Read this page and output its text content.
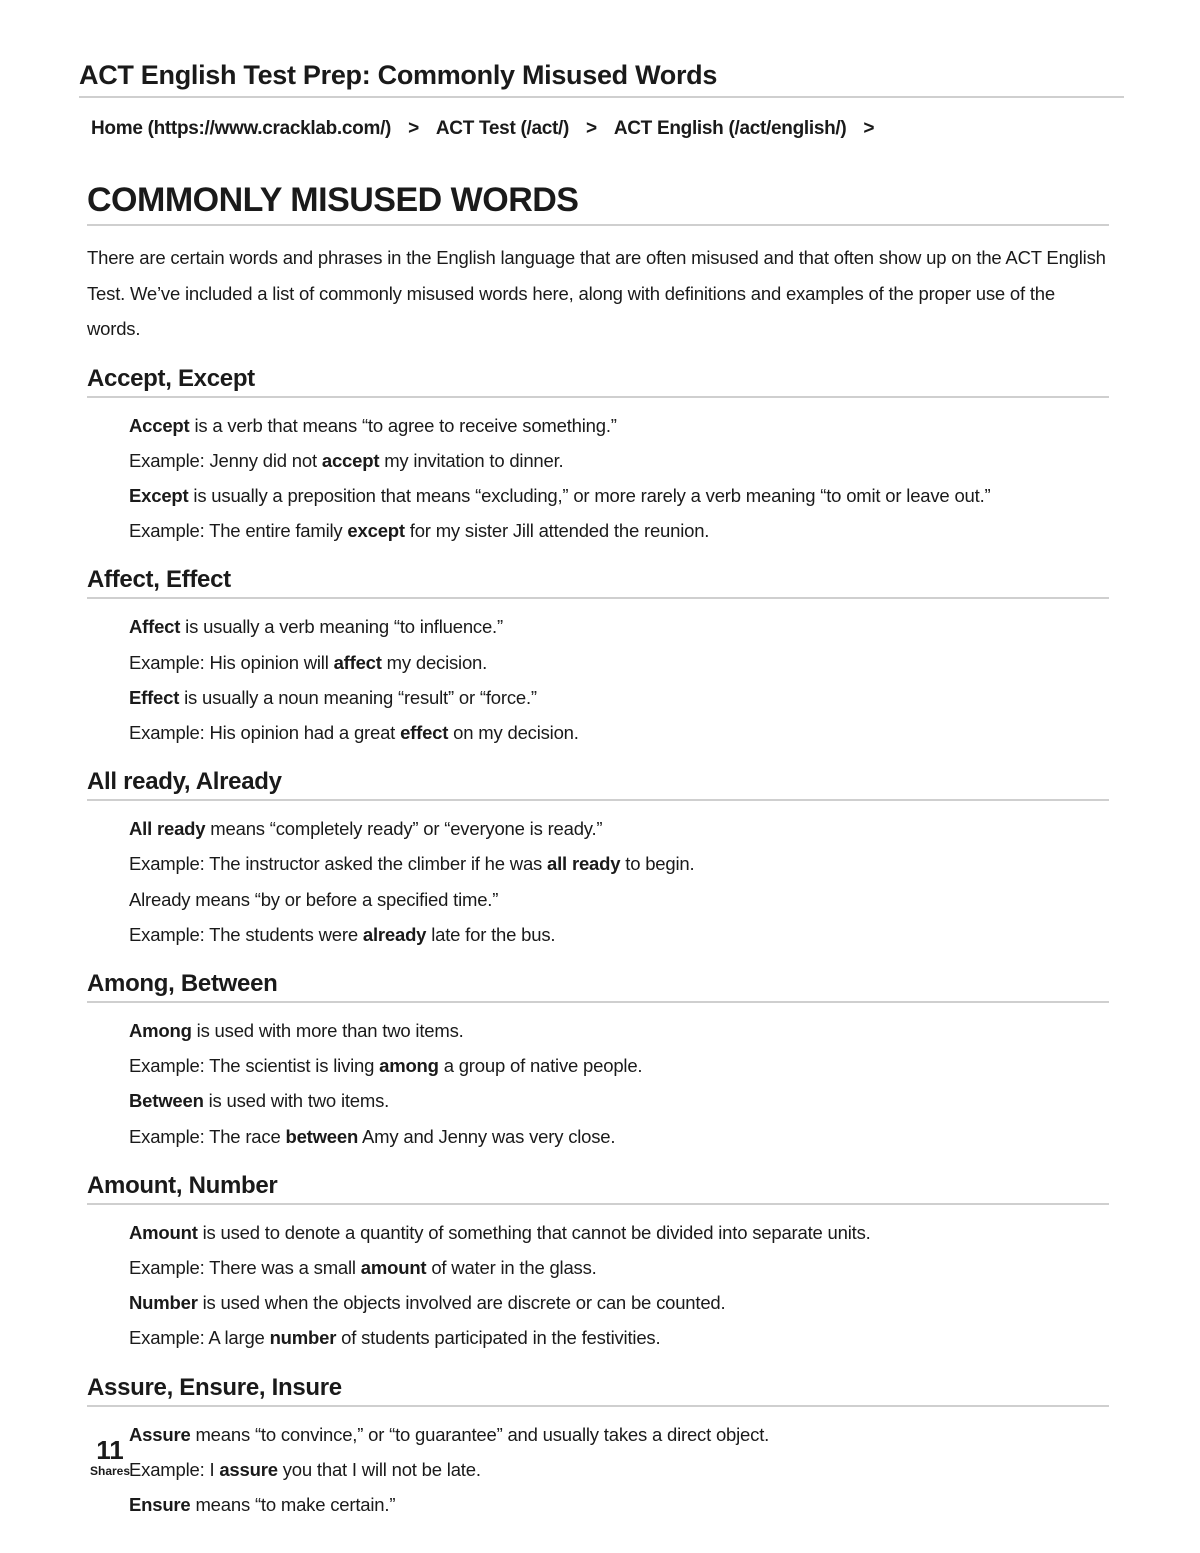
ACT English Test Prep: Commonly Misused Words
Home (https://www.cracklab.com/) > ACT Test (/act/) > ACT English (/act/english/) >
COMMONLY MISUSED WORDS

There are certain words and phrases in the English language that are often misused and that often show up on the ACT English Test. We’ve included a list of commonly misused words here, along with definitions and examples of the proper use of the words.

Accept, Except
Accept is a verb that means “to agree to receive something.”
Example: Jenny did not accept my invitation to dinner.
Except is usually a preposition that means “excluding,” or more rarely a verb meaning “to omit or leave out.”
Example: The entire family except for my sister Jill attended the reunion.
Affect, Effect
Affect is usually a verb meaning “to influence.”
Example: His opinion will affect my decision.
Effect is usually a noun meaning “result” or “force.”
Example: His opinion had a great effect on my decision.
All ready, Already
All ready means “completely ready” or “everyone is ready.”
Example: The instructor asked the climber if he was all ready to begin.
Already means “by or before a specified time.”
Example: The students were already late for the bus.
Among, Between
Among is used with more than two items.
Example: The scientist is living among a group of native people.
Between is used with two items.
Example: The race between Amy and Jenny was very close.
Amount, Number
Amount is used to denote a quantity of something that cannot be divided into separate units.
Example: There was a small amount of water in the glass.
Number is used when the objects involved are discrete or can be counted.
Example: A large number of students participated in the festivities.
Assure, Ensure, Insure
Assure means “to convince,” or “to guarantee” and usually takes a direct object.
Example: I assure you that I will not be late.
Ensure means “to make certain.”
11
Shares
